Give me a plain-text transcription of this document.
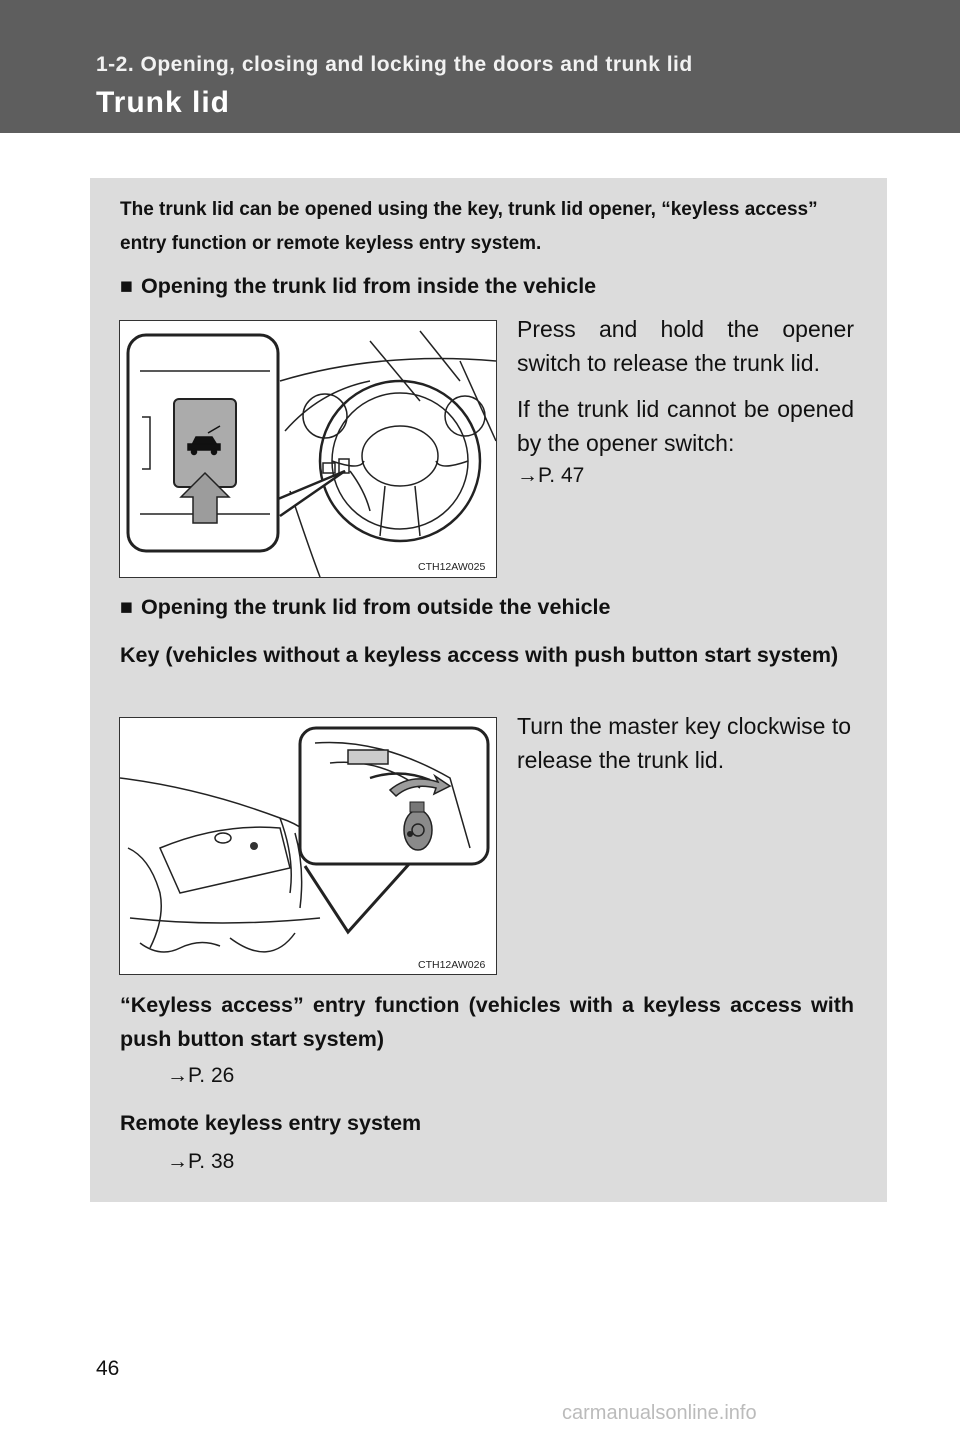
1-2. Opening, closing and locking the doors and trunk lid
Trunk lid

The trunk lid can be opened using the key, trunk lid opener, “keyless access” entry function or remote keyless entry system.

■ Opening the trunk lid from inside the vehicle
CTH12AW025

Press and hold the opener switch to release the trunk lid.

If the trunk lid cannot be opened by the opener switch:

→P. 47
■ Opening the trunk lid from outside the vehicle

Key (vehicles without a keyless access with push button start system)

CTH12AW026

Turn the master key clockwise to release the trunk lid.

“Keyless access” entry function (vehicles with a keyless access with push button start system)

→P. 26
Remote keyless entry system
→P. 38
46
carmanualsonline.info
